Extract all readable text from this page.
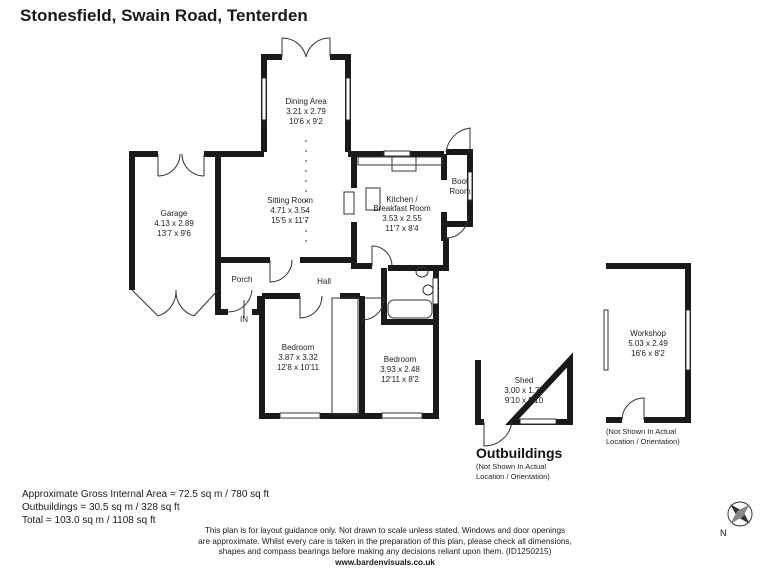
Stonesfield, Swain Road, Tenterden
Dining Area
3.21 x 2.79
10'6 x 9'2
Garage
4.13 x 2.89
13'7 x 9'6
Sitting Room
4.71 x 3.54
15'5 x 11'7
Kitchen /
Breakfast Room
3.53 x 2.55
11'7 x 8'4
Boot
Room
Porch	Hall
IN
Bedroom
3.87 x 3.32
12'8 x 10'11
Bedroom
3.93 x 2.48
12'11 x 8'2	Shed
3.00 x 1.79
9'10 x 5'10
Workshop
5.03 x 2.49
16'6 x 8'2
Outbuildings
(Not Shown In Actual
Location / Orientation)
(Not Shown In Actual
Location / Orientation)
Approximate Gross Internal Area = 72.5 sq m / 780 sq ft
Outbuildings = 30.5 sq m / 328 sq ft
Total = 103.0 sq m / 1108 sq ft
This plan is for layout guidance only. Not drawn to scale unless stated. Windows and door openings
are approximate. Whilst every care is taken in the preparation of this plan, please check all dimensions,
shapes and compass bearings before making any decisions reliant upon them. (ID1250215)
www.bardenvisuals.co.uk
N
